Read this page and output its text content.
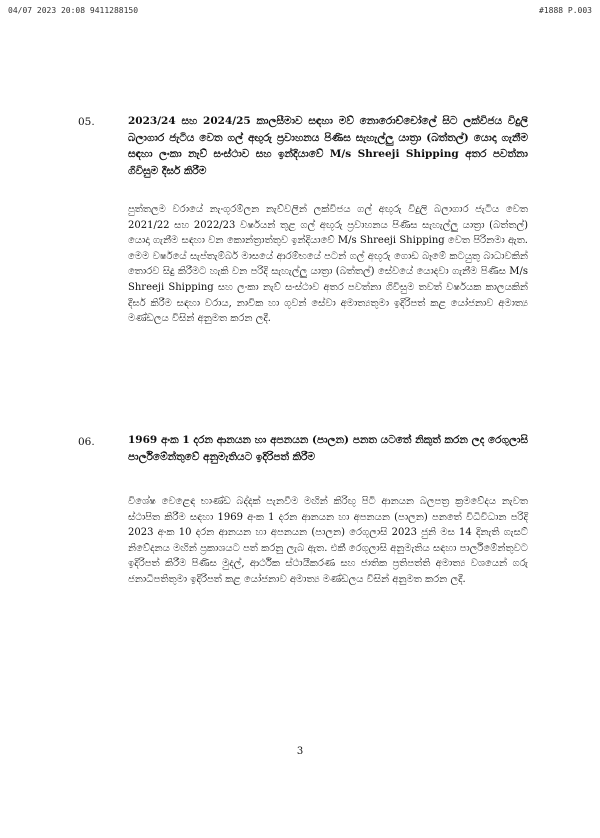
04/07 2023 20:08 9411288150	#1888 P.003
05.	2023/24 සහ 2024/25 කාලසීමාව සඳහා මව් නොරොච්චෝලේ සිට ලක්විජය විදුලි බලාගාර ජැටිය වෙත ගල් අඟුරු ප්‍රවාහනය පිණිස සැහැල්ලු යාත්‍රා (බත්තල්) යොදා ගැනීම සඳහා ලංකා නැව් සංස්ථාව සහ ඉන්දියාවේ M/s Shreeji Shipping අතර පවත්නා ගිවිසුම දීර්ඝ කිරීම
පුත්තලම වරායේ නැංගුරම්ලන නැව්වලින් ලක්විජය ගල් අඟුරු විදුලි බලාගාර ජැටිය වෙත 2021/22 සහ 2022/23 වර්ෂයන් තුළ ගල් අඟුරු ප්‍රවාහනය පිණිස සැහැල්ලු යාත්‍රා (බත්තල්) යොදා ගැනීම සඳහා වන කොන්ත්‍රාත්තුව ඉන්දියාවේ M/s Shreeji Shipping වෙත පිරිනමා ඇත. මෙම වර්ෂයේ සැප්තැම්බර් මාසයේ ආරම්භයේ පටන් ගල් අඟුරු ගොඩ බෑමේ කටයුතු බාධාවකින් තොරව සිදු කිරීමට හැකි වන පරිදි සැහැල්ලු යාත්‍රා (බත්තල්) සේවයේ යොදවා ගැනීම පිණිස M/s Shreeji Shipping සහ ලංකා නැව් සංස්ථාව අතර පවත්නා ගිවිසුම තවත් වර්ෂයක කාලයකින් දීර්ඝ කිරීම සඳහා වරාය, නාවික හා ගුවන් සේවා අමාත්‍යතුමා ඉදිරිපත් කළ යෝජනාව අමාත්‍ය මණ්ඩලය විසින් අනුමත කරන ලදී.
06.	1969 අංක 1 දරන ආනයන හා අපනයන (පාලන) පනත යටතේ නිකුත් කරන ලද රෙගුලාසි පාර්ලිමේන්තුවේ අනුමැතියට ඉදිරිපත් කිරීම
විශේෂ වෙළෙඳ භාණ්ඩ බද්දක් පැනවීම මඟින් කිරිඟු පිටි ආනයන බලපත්‍ර ක්‍රමවේදය නැවත ස්ථාපිත කිරීම සඳහා 1969 අංක 1 දරන ආනයන හා අපනයන (පාලන) පනතේ විධිවිධාන පරිදි 2023 අංක 10 දරන ආනයන හා අපනයන (පාලන) රෙගුලාසි 2023 ජුනි මස 14 දිනැති ගැසට් නිවේදනය මඟින් ප්‍රකාශයට පත් කරනු ලැබ ඇත. එකී රෙගුලාසි අනුමැතිය සඳහා පාර්ලිමේන්තුවට ඉදිරිපත් කිරීම පිණිස මුදල්, ආර්ථික ස්ථායීකරණ සහ ජාතික ප්‍රතිපත්ති අමාත්‍ය වශයෙන් ගරු ජනාධිපතිතුමා ඉදිරිපත් කළ යෝජනාව අමාත්‍ය මණ්ඩලය විසින් අනුමත කරන ලදී.
3
